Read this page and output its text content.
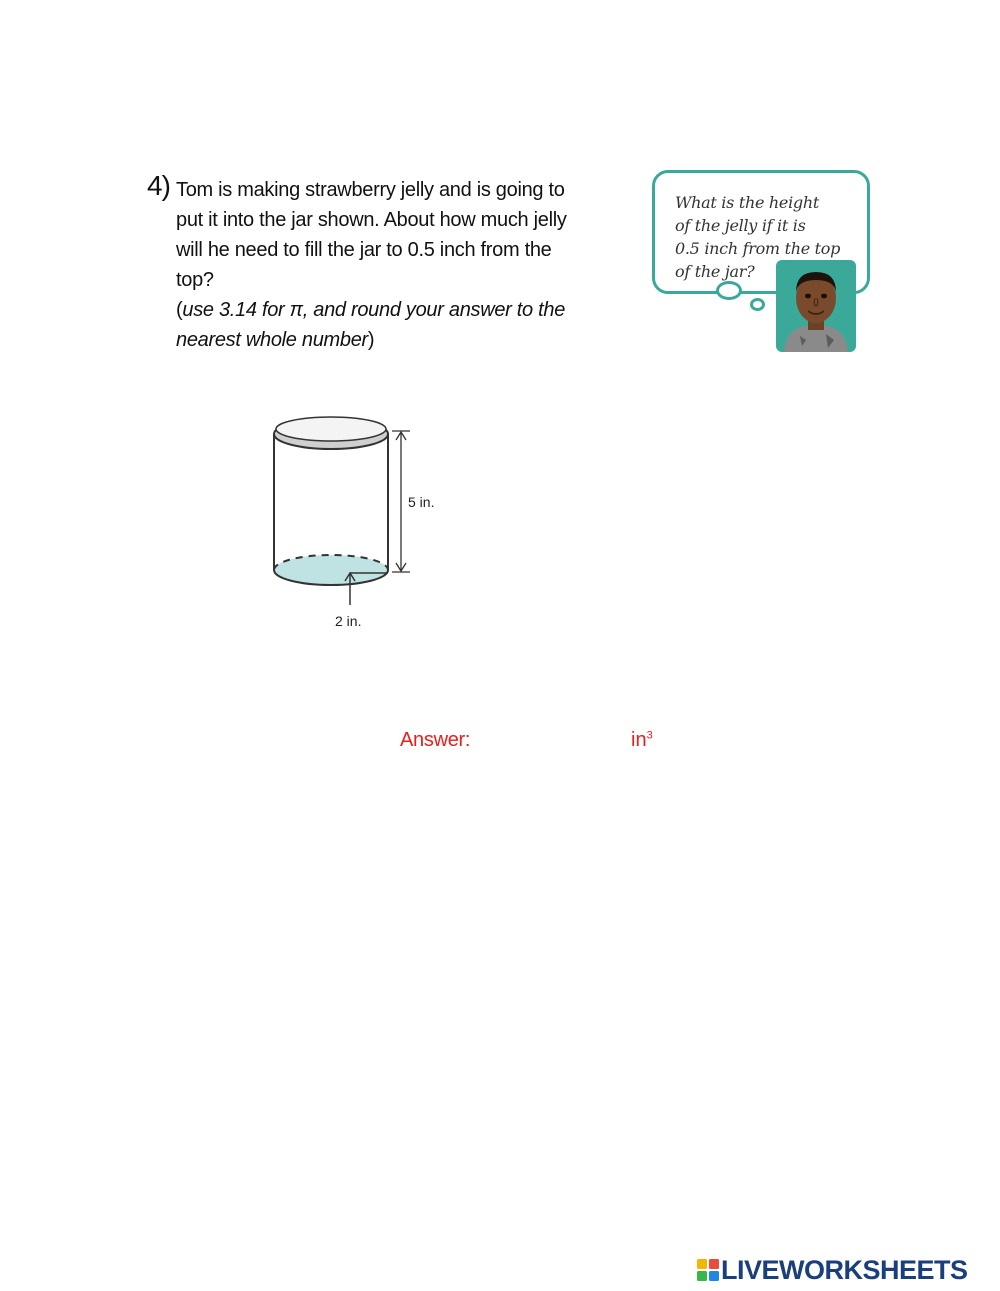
4) Tom is making strawberry jelly and is going to
put it into the jar shown. About how much jelly
will he need to fill the jar to 0.5 inch from the
top?
(use 3.14 for π, and round your answer to the
nearest whole number)
What is the height
of the jelly if it is
0.5 inch from the top
of the jar?
5 in.
2 in.
Answer:	$in^3$
LIVEWORKSHEETS
